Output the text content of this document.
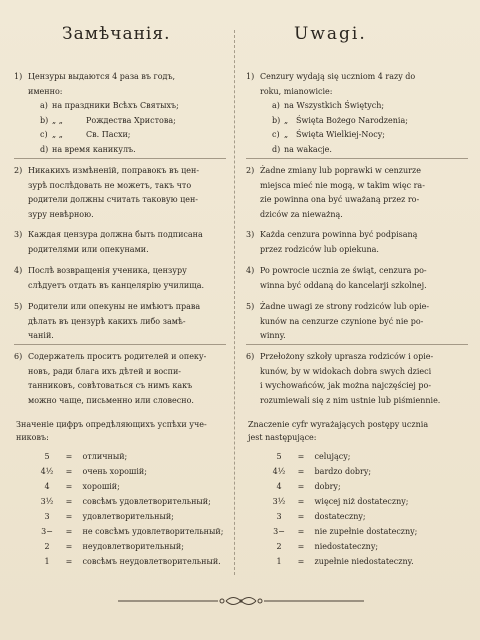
Замѣчанія.
1) Цензуры выдаются 4 раза въ годъ,
именно:
а) на праздники Всѣхъ Святыхъ;
b) „ „	Рождества Христова;
с) „ „	Св. Пасхи;
d) на время каникулъ.
2) Никакихъ измѣненій, поправокъ въ цен-
зурѣ послѣдовать не можетъ, такъ что
родители должны считать таковую цен-
зуру невѣрною.
3) Каждая цензура должна быть подписана
родителями или опекунами.
4) Послѣ возвращенія ученика, цензуру
слѣдуетъ отдать въ канцелярію училища.
5) Родители или опекуны не имѣютъ права
дѣлать въ цензурѣ какихъ либо замѣ-
чаній.
6) Содержатель проситъ родителей и опеку-
новъ, ради блага ихъ дѣтей и воспи-
танниковъ, совѣтоваться съ нимъ какъ
можно чаще, письменно или словесно.
Значеніе цифръ опредѣляющихъ успѣхи уче-
никовъ:
5 = отличный;
4½ = очень хорошій;
4 = хорошій;
3½ = совсѣмъ удовлетворительный;
3 = удовлетворительный;
3− = не совсѣмъ удовлетворительный;
2 = неудовлетворительный;
1 = совсѣмъ неудовлетворительный.
Uwagi.
1) Cenzury wydają się uczniom 4 razy do
roku, mianowicie:
a) na Wszystkich Świętych;
b) „ Święta Bożego Narodzenia;
c) „ Święta Wielkiej-Nocy;
d) na wakacje.
2) Żadne zmiany lub poprawki w cenzurze
miejsca mieć nie mogą, w takim więc ra-
zie powinna ona być uważaną przez ro-
dziców za nieważną.
3) Każda cenzura powinna być podpisaną
przez rodziców lub opiekuna.
4) Po powrocie ucznia ze świąt, cenzura po-
winna być oddaną do kancelarji szkolnej.
5) Żadne uwagi ze strony rodziców lub opie-
kunów na cenzurze czynione być nie po-
winny.
6) Przełożony szkoły upraszа rodziców i opie-
kunów, by w widokach dobra swych dzieci
i wychowańców, jak można najczęściej po-
rozumiewali się z nim ustnie lub piśmiennie.
Znaczenie cyfr wyrażających postępy ucznia
jest następujące:
5 = celujący;
4½ = bardzo dobry;
4 = dobry;
3½ = więcej niż dostateczny;
3 = dostateczny;
3− = nie zupełnie dostateczny;
2 = niedostateczny;
1 = zupełnie niedostateczny.
